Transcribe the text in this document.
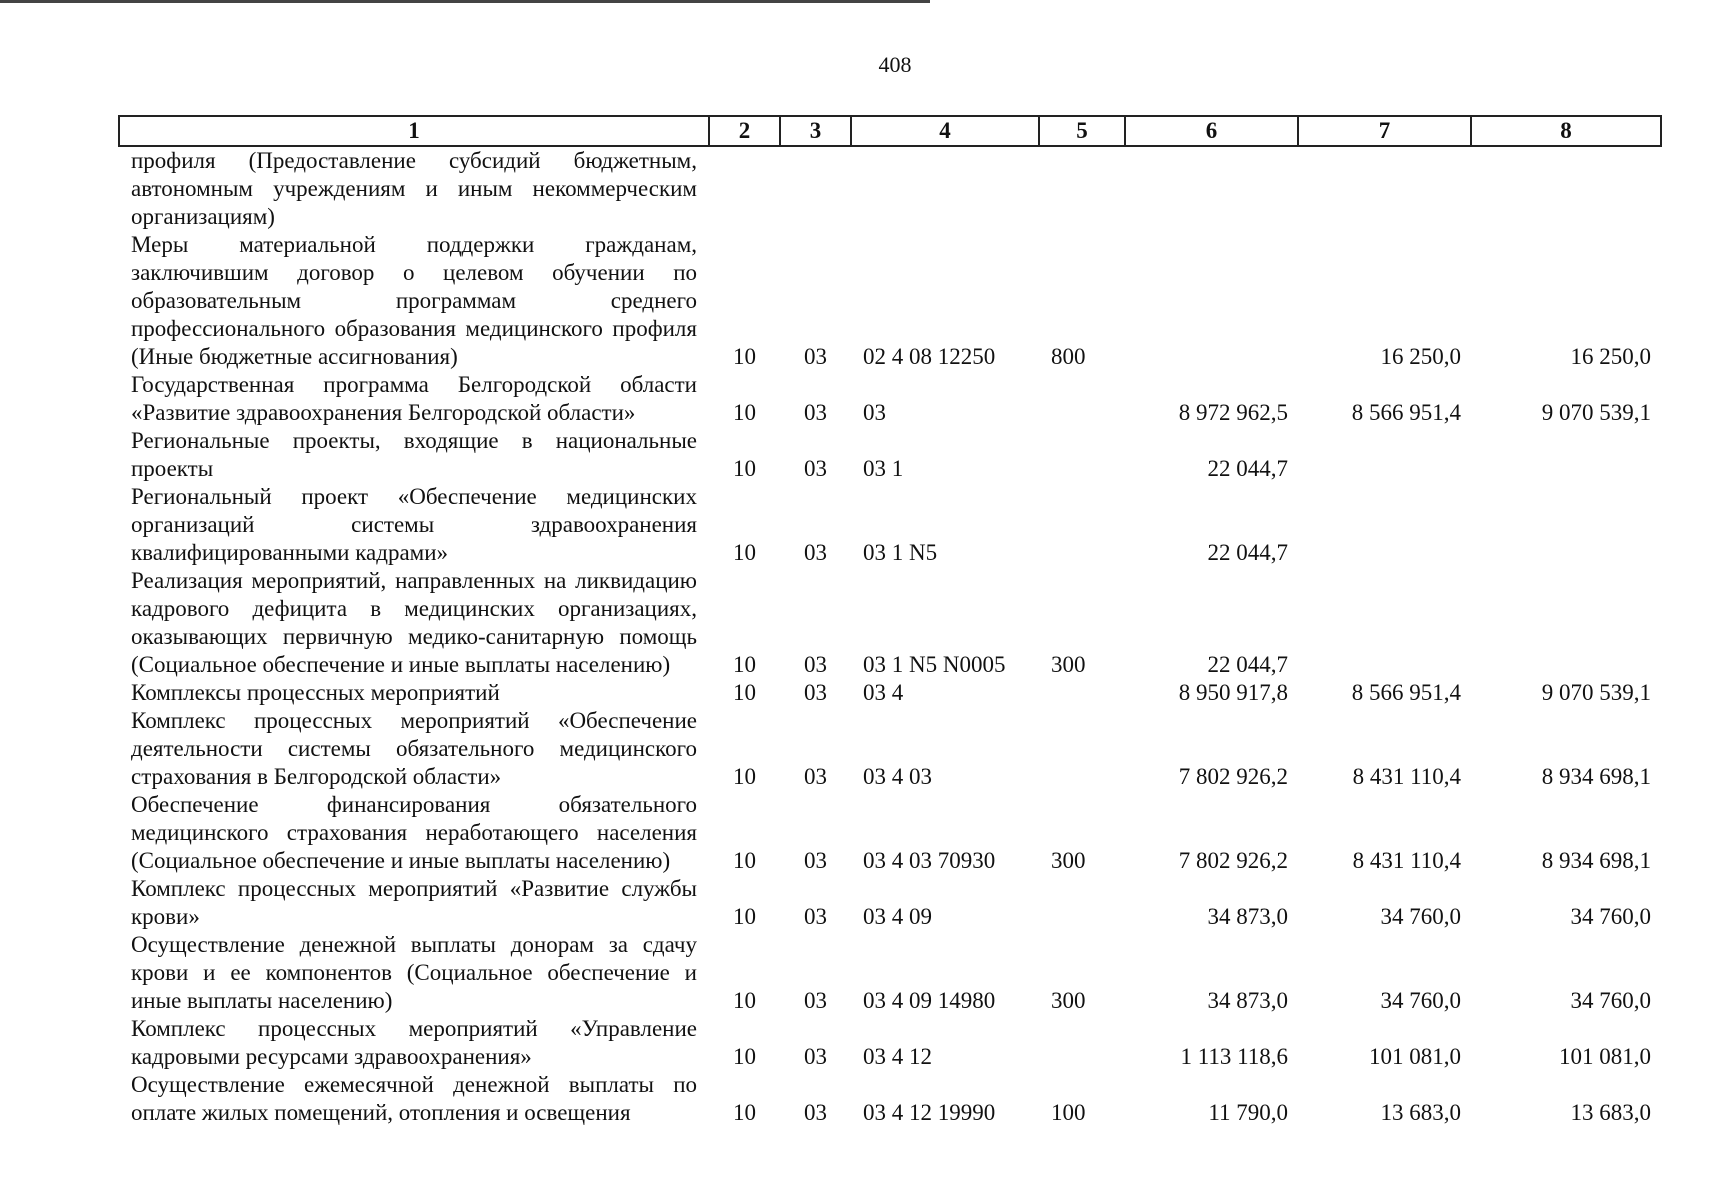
408
1	2	3	4	5	6	7	8
профиля (Предоставление субсидий бюджетным, автономным учреждениям и иным некоммерческим организациям)							
Меры материальной поддержки гражданам, заключившим договор о целевом обучении по образовательным программам среднего профессионального образования медицинского профиля (Иные бюджетные ассигнования)	10	03	02 4 08 12250	800		16 250,0	16 250,0
Государственная программа Белгородской области «Развитие здравоохранения Белгородской области»	10	03	03		8 972 962,5	8 566 951,4	9 070 539,1
Региональные проекты, входящие в национальные проекты	10	03	03 1		22 044,7		
Региональный проект «Обеспечение медицинских организаций системы здравоохранения квалифицированными кадрами»	10	03	03 1 N5		22 044,7		
Реализация мероприятий, направленных на ликвидацию кадрового дефицита в медицинских организациях, оказывающих первичную медико-санитарную помощь (Социальное обеспечение и иные выплаты населению)	10	03	03 1 N5 N0005	300	22 044,7		
Комплексы процессных мероприятий	10	03	03 4		8 950 917,8	8 566 951,4	9 070 539,1
Комплекс процессных мероприятий «Обеспечение деятельности системы обязательного медицинского страхования в Белгородской области»	10	03	03 4 03		7 802 926,2	8 431 110,4	8 934 698,1
Обеспечение финансирования обязательного медицинского страхования неработающего населения (Социальное обеспечение и иные выплаты населению)	10	03	03 4 03 70930	300	7 802 926,2	8 431 110,4	8 934 698,1
Комплекс процессных мероприятий «Развитие службы крови»	10	03	03 4 09		34 873,0	34 760,0	34 760,0
Осуществление денежной выплаты донорам за сдачу крови и ее компонентов (Социальное обеспечение и иные выплаты населению)	10	03	03 4 09 14980	300	34 873,0	34 760,0	34 760,0
Комплекс процессных мероприятий «Управление кадровыми ресурсами здравоохранения»	10	03	03 4 12		1 113 118,6	101 081,0	101 081,0
Осуществление ежемесячной денежной выплаты по оплате жилых помещений, отопления и освещения	10	03	03 4 12 19990	100	11 790,0	13 683,0	13 683,0
